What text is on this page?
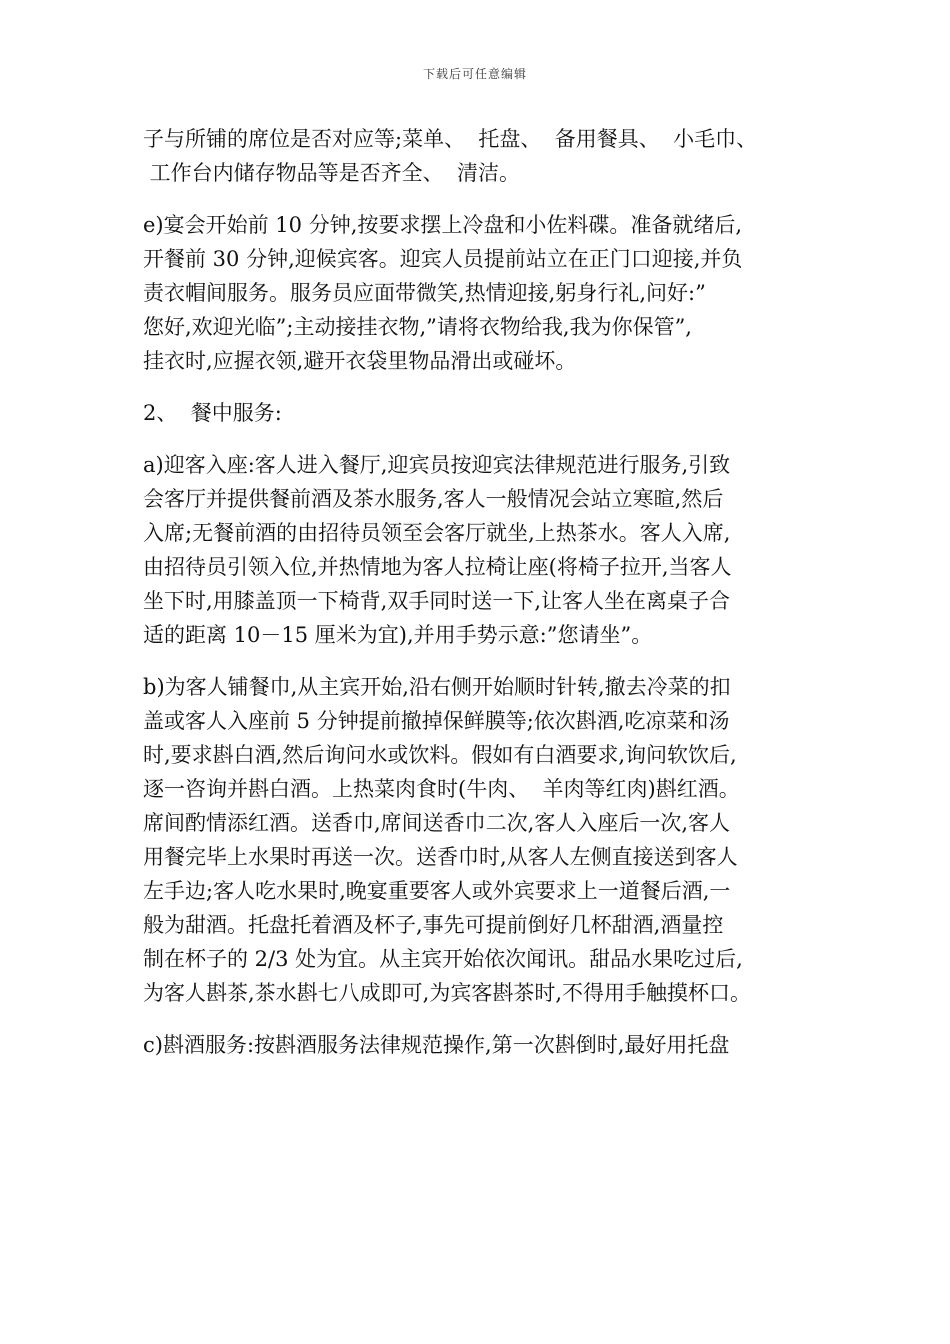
下载后可任意编辑

子与所铺的席位是否对应等;菜单、  托盘、  备用餐具、  小毛巾、
工作台内储存物品等是否齐全、  清洁。

e)宴会开始前 10 分钟,按要求摆上冷盘和小佐料碟。准备就绪后,
开餐前 30 分钟,迎候宾客。迎宾人员提前站立在正门口迎接,并负
责衣帽间服务。服务员应面带微笑,热情迎接,躬身行礼,问好:”
您好,欢迎光临”;主动接挂衣物,”请将衣物给我,我为你保管”,
挂衣时,应握衣领,避开衣袋里物品滑出或碰坏。

2、  餐中服务:

a)迎客入座:客人进入餐厅,迎宾员按迎宾法律规范进行服务,引致
会客厅并提供餐前酒及茶水服务,客人一般情况会站立寒暄,然后
入席;无餐前酒的由招待员领至会客厅就坐,上热茶水。客人入席,
由招待员引领入位,并热情地为客人拉椅让座(将椅子拉开,当客人
坐下时,用膝盖顶一下椅背,双手同时送一下,让客人坐在离桌子合
适的距离 10－15 厘米为宜),并用手势示意:”您请坐”。

b)为客人铺餐巾,从主宾开始,沿右侧开始顺时针转,撤去冷菜的扣
盖或客人入座前 5 分钟提前撤掉保鲜膜等;依次斟酒,吃凉菜和汤
时,要求斟白酒,然后询问水或饮料。假如有白酒要求,询问软饮后,
逐一咨询并斟白酒。上热菜肉食时(牛肉、  羊肉等红肉)斟红酒。
席间酌情添红酒。送香巾,席间送香巾二次,客人入座后一次,客人
用餐完毕上水果时再送一次。送香巾时,从客人左侧直接送到客人
左手边;客人吃水果时,晚宴重要客人或外宾要求上一道餐后酒,一
般为甜酒。托盘托着酒及杯子,事先可提前倒好几杯甜酒,酒量控
制在杯子的 2/3 处为宜。从主宾开始依次闻讯。甜品水果吃过后,
为客人斟茶,茶水斟七八成即可,为宾客斟茶时,不得用手触摸杯口。

c)斟酒服务:按斟酒服务法律规范操作,第一次斟倒时,最好用托盘
